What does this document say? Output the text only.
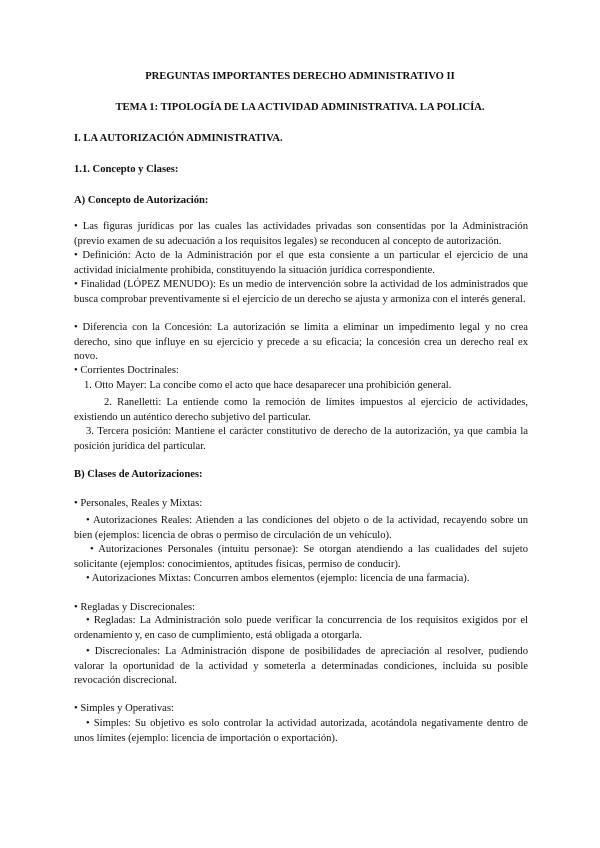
PREGUNTAS IMPORTANTES DERECHO ADMINISTRATIVO II

TEMA 1: TIPOLOGÍA DE LA ACTIVIDAD ADMINISTRATIVA. LA POLICÍA.

I. LA AUTORIZACIÓN ADMINISTRATIVA.

1.1. Concepto y Clases:

A) Concepto de Autorización:

• Las figuras jurídicas por las cuales las actividades privadas son consentidas por la Administración (previo examen de su adecuación a los requisitos legales) se reconducen al concepto de autorización.

• Definición: Acto de la Administración por el que esta consiente a un particular el ejercicio de una actividad inicialmente prohibida, constituyendo la situación jurídica correspondiente.

• Finalidad (LÓPEZ MENUDO): Es un medio de intervención sobre la actividad de los administrados que busca comprobar preventivamente si el ejercicio de un derecho se ajusta y armoniza con el interés general.

• Diferencia con la Concesión: La autorización se limita a eliminar un impedimento legal y no crea derecho, sino que influye en su ejercicio y precede a su eficacia; la concesión crea un derecho real ex novo.

• Corrientes Doctrinales:

1. Otto Mayer: La concibe como el acto que hace desaparecer una prohibición general.

2. Ranelletti: La entiende como la remoción de límites impuestos al ejercicio de actividades, existiendo un auténtico derecho subjetivo del particular.

3. Tercera posición: Mantiene el carácter constitutivo de derecho de la autorización, ya que cambia la posición jurídica del particular.

B) Clases de Autorizaciones:

• Personales, Reales y Mixtas:

• Autorizaciones Reales: Atienden a las condiciones del objeto o de la actividad, recayendo sobre un bien (ejemplos: licencia de obras o permiso de circulación de un vehículo).

• Autorizaciones Personales (intuitu personae): Se otorgan atendiendo a las cualidades del sujeto solicitante (ejemplos: conocimientos, aptitudes físicas, permiso de conducir).

• Autorizaciones Mixtas: Concurren ambos elementos (ejemplo: licencia de una farmacia).

• Regladas y Discrecionales:

• Regladas: La Administración solo puede verificar la concurrencia de los requisitos exigidos por el ordenamiento y, en caso de cumplimiento, está obligada a otorgarla.

• Discrecionales: La Administración dispone de posibilidades de apreciación al resolver, pudiendo valorar la oportunidad de la actividad y someterla a determinadas condiciones, incluida su posible revocación discrecional.

• Simples y Operativas:

• Simples: Su objetivo es solo controlar la actividad autorizada, acotándola negativamente dentro de unos límites (ejemplo: licencia de importación o exportación).
